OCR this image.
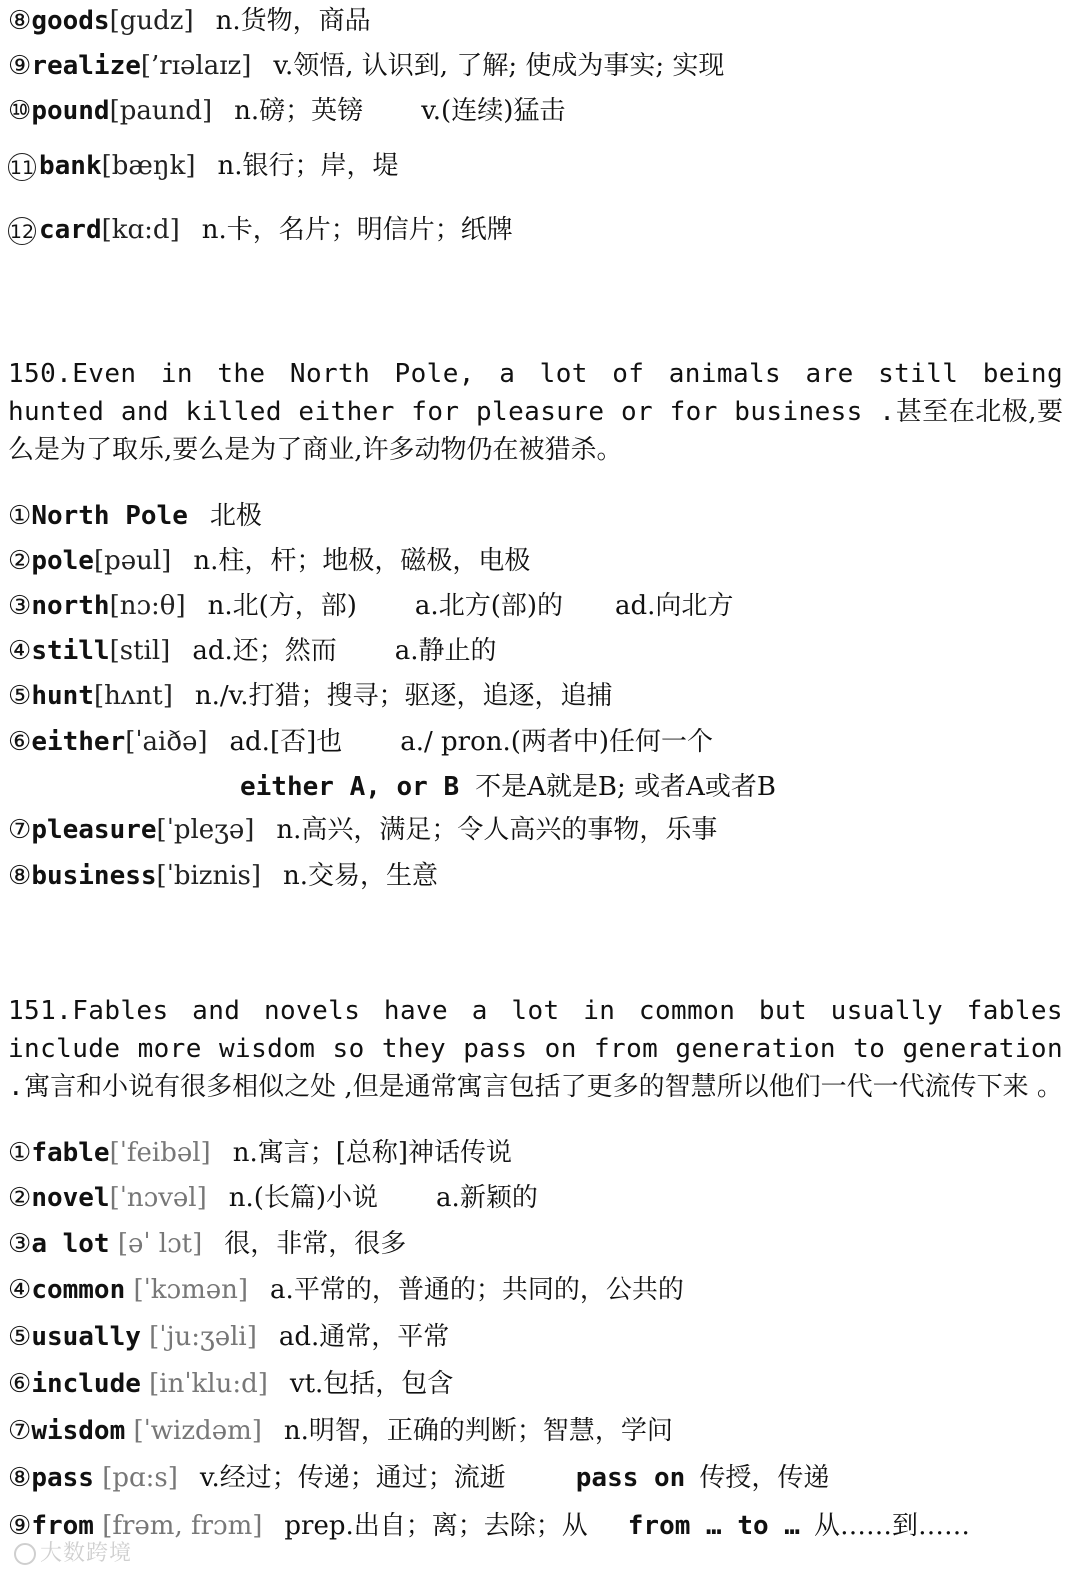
⑧goods[gudz] n.货物，商品
⑨realize[’rɪəlaɪz] v.领悟, 认识到, 了解; 使成为事实; 实现
⑩pound[paund] n.磅；英镑 v.(连续)猛击
11 bank[bæŋk] n.银行；岸，堤
12 card[kɑ:d] n.卡，名片；明信片；纸牌
150.Even in the North Pole, a lot of animals are still being hunted and killed either for pleasure or for business .甚至在北极,要么是为了取乐,要么是为了商业,许多动物仍在被猎杀。
①North Pole 北极
②pole[pəul] n.柱，杆；地极，磁极，电极
③north[nɔ:θ] n.北(方，部) a.北方(部)的　　ad.向北方
④still[stil] ad.还；然而 a.静止的
⑤hunt[hʌnt] n./v.打猎；搜寻；驱逐，追逐，追捕
⑥either[ˈaiðə] ad.[否]也 a./ pron.(两者中)任何一个
either A, or B 不是A就是B; 或者A或者B
⑦pleasure[ˈpleʒə] n.高兴，满足；令人高兴的事物，乐事
⑧business[ˈbiznis] n.交易，生意
151.Fables and novels have a lot in common but usually fables include more wisdom so they pass on from generation to generation .寓言和小说有很多相似之处 ,但是通常寓言包括了更多的智慧所以他们一代一代流传下来 。
①fable[ˈfeibəl] n.寓言；[总称]神话传说
②novel[ˈnɔvəl] n.(长篇)小说 a.新颖的
③a lot [əˈ lɔt] 很，非常，很多
④common [ˈkɔmən] a.平常的，普通的；共同的，公共的
⑤usually [ˈju:ʒəli] ad.通常，平常
⑥include [inˈklu:d] vt.包括，包含
⑦wisdom [ˈwizdəm] n.明智，正确的判断；智慧，学问
⑧pass [pɑ:s] v.经过；传递；通过；流逝	pass on 传授，传递
⑨from [frəm, frɔm] prep.出自；离；去除；从 from … to … 从……到……
大数跨境
